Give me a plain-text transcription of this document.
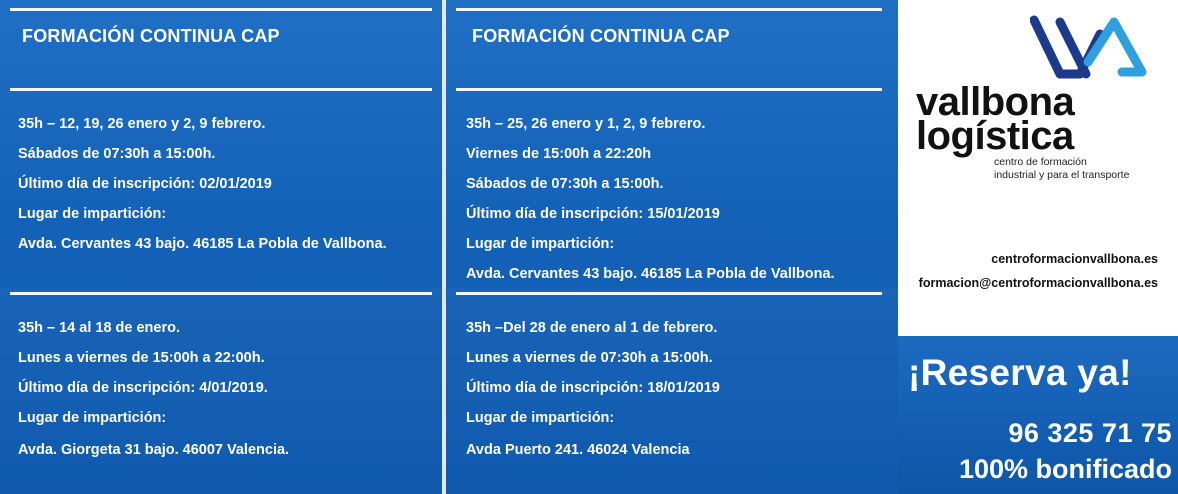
FORMACIÓN CONTINUA CAP
35h – 12, 19, 26 enero y 2, 9 febrero.
Sábados de 07:30h a 15:00h.
Último día de inscripción: 02/01/2019
Lugar de impartición:
Avda. Cervantes 43 bajo. 46185 La Pobla de Vallbona.
35h – 14 al 18 de enero.
Lunes a viernes de 15:00h a 22:00h.
Último día de inscripción: 4/01/2019.
Lugar de impartición:
Avda. Giorgeta 31 bajo. 46007 Valencia.
FORMACIÓN CONTINUA CAP
35h – 25, 26 enero y 1, 2, 9 febrero.
Viernes de 15:00h a 22:20h
Sábados de 07:30h a 15:00h.
Último día de inscripción: 15/01/2019
Lugar de impartición:
Avda. Cervantes 43 bajo. 46185 La Pobla de Vallbona.
35h –Del 28 de enero al 1 de febrero.
Lunes a viernes de 07:30h a 15:00h.
Último día de inscripción: 18/01/2019
Lugar de impartición:
Avda Puerto 241. 46024 Valencia
vallbona
logística
centro de formación
industrial y para el transporte
centroformacionvallbona.es
formacion@centroformacionvallbona.es
¡Reserva ya!
96 325 71 75
100% bonificado
